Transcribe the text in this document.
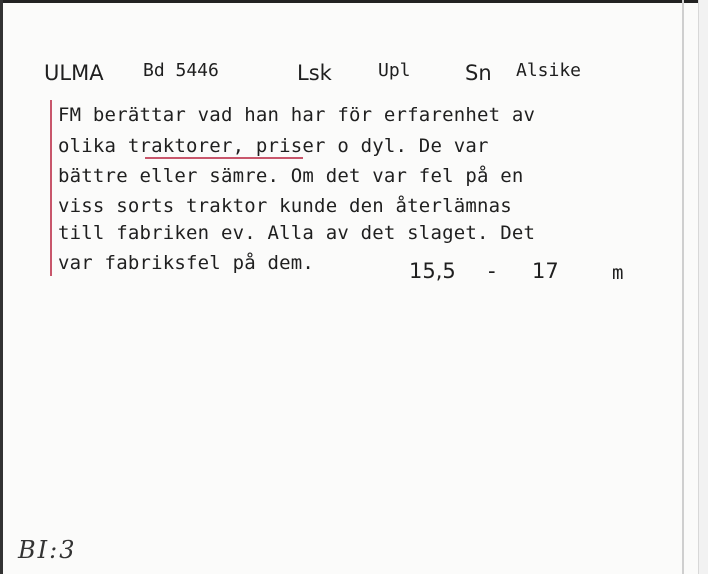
ULMA Bd 5446	Lsk	Upl	Sn Alsike
FM berättar vad han har för erfarenhet av
olika traktorer, priser o dyl. De var
bättre eller sämre. Om det var fel på en
viss sorts traktor kunde den återlämnas
till fabriken ev. Alla av det slaget. Det
var fabriksfel på dem.	15,5 - 17	m
BI:3
